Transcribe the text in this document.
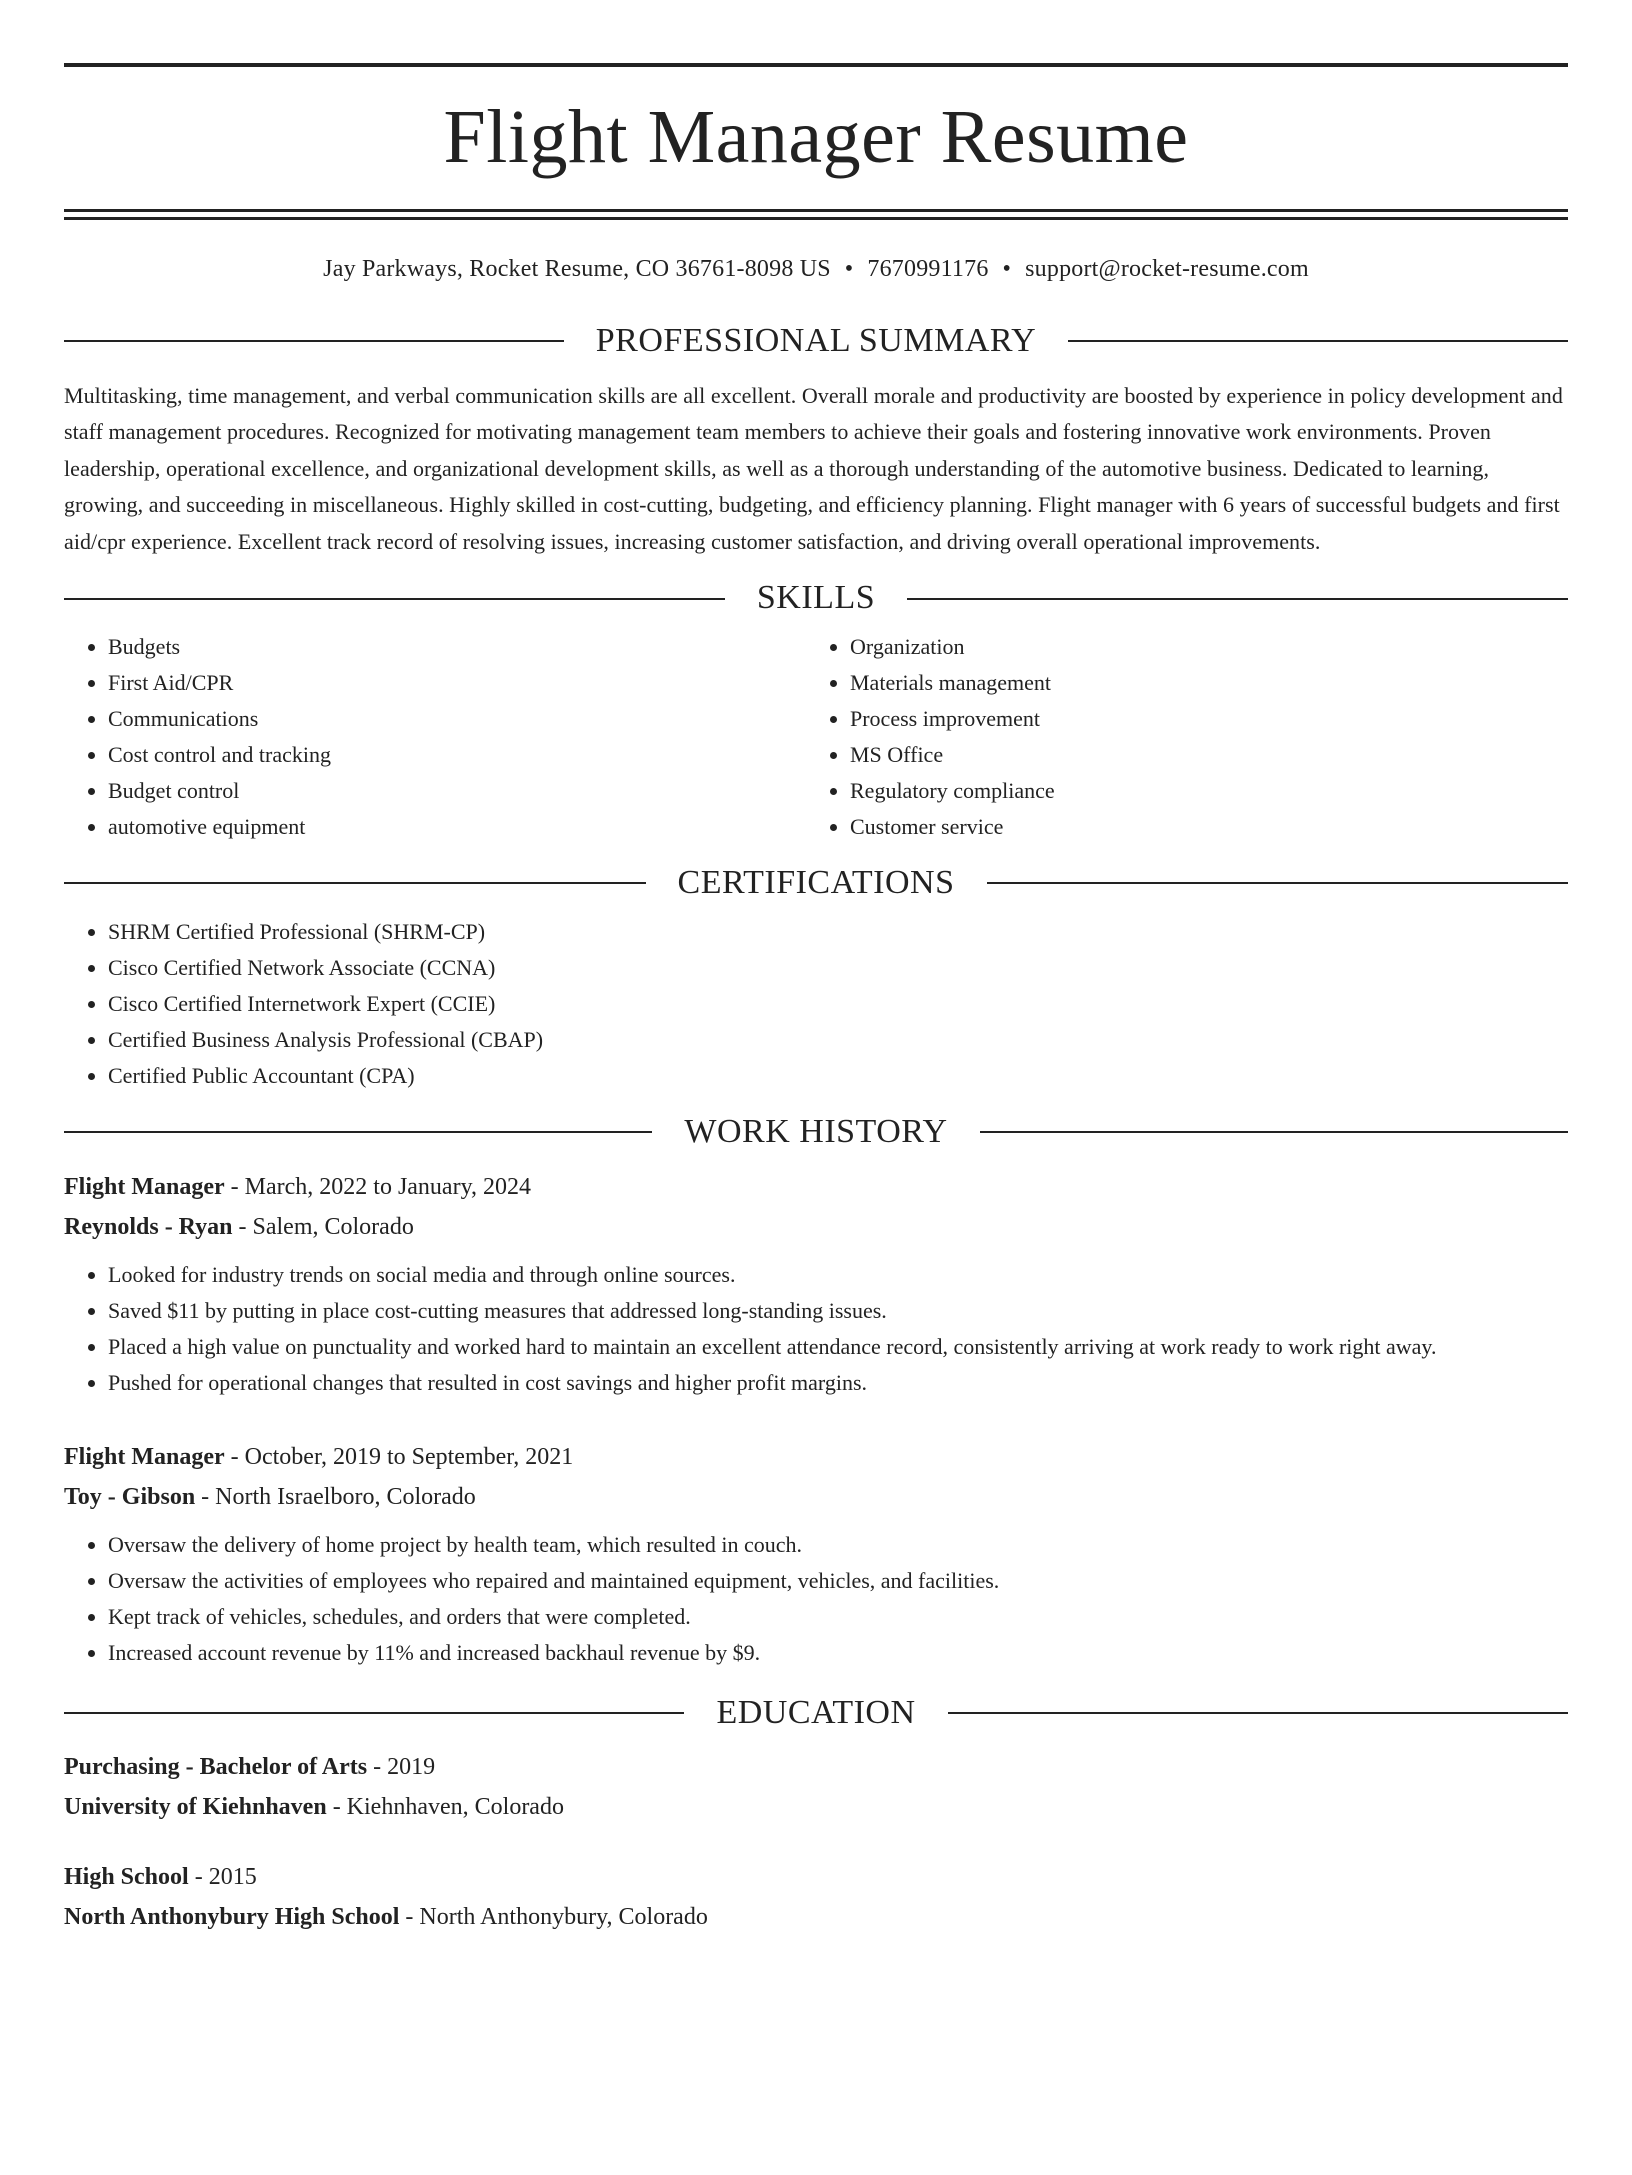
Flight Manager Resume
Jay Parkways, Rocket Resume, CO 36761-8098 US • 7670991176 • support@rocket-resume.com
PROFESSIONAL SUMMARY

Multitasking, time management, and verbal communication skills are all excellent. Overall morale and productivity are boosted by experience in policy development and staff management procedures. Recognized for motivating management team members to achieve their goals and fostering innovative work environments. Proven leadership, operational excellence, and organizational development skills, as well as a thorough understanding of the automotive business. Dedicated to learning, growing, and succeeding in miscellaneous. Highly skilled in cost-cutting, budgeting, and efficiency planning. Flight manager with 6 years of successful budgets and first aid/cpr experience. Excellent track record of resolving issues, increasing customer satisfaction, and driving overall operational improvements.

SKILLS
• Budgets
• First Aid/CPR
• Communications
• Cost control and tracking
• Budget control
• automotive equipment
• Organization
• Materials management
• Process improvement
• MS Office
• Regulatory compliance
• Customer service
CERTIFICATIONS
• SHRM Certified Professional (SHRM-CP)
• Cisco Certified Network Associate (CCNA)
• Cisco Certified Internetwork Expert (CCIE)
• Certified Business Analysis Professional (CBAP)
• Certified Public Accountant (CPA)
WORK HISTORY
Flight Manager - March, 2022 to January, 2024
Reynolds - Ryan - Salem, Colorado
• Looked for industry trends on social media and through online sources.
• Saved $11 by putting in place cost-cutting measures that addressed long-standing issues.
• Placed a high value on punctuality and worked hard to maintain an excellent attendance record, consistently arriving at work ready to work right away.
• Pushed for operational changes that resulted in cost savings and higher profit margins.
Flight Manager - October, 2019 to September, 2021
Toy - Gibson - North Israelboro, Colorado
• Oversaw the delivery of home project by health team, which resulted in couch.
• Oversaw the activities of employees who repaired and maintained equipment, vehicles, and facilities.
• Kept track of vehicles, schedules, and orders that were completed.
• Increased account revenue by 11% and increased backhaul revenue by $9.
EDUCATION
Purchasing - Bachelor of Arts - 2019
University of Kiehnhaven - Kiehnhaven, Colorado
High School - 2015
North Anthonybury High School - North Anthonybury, Colorado
